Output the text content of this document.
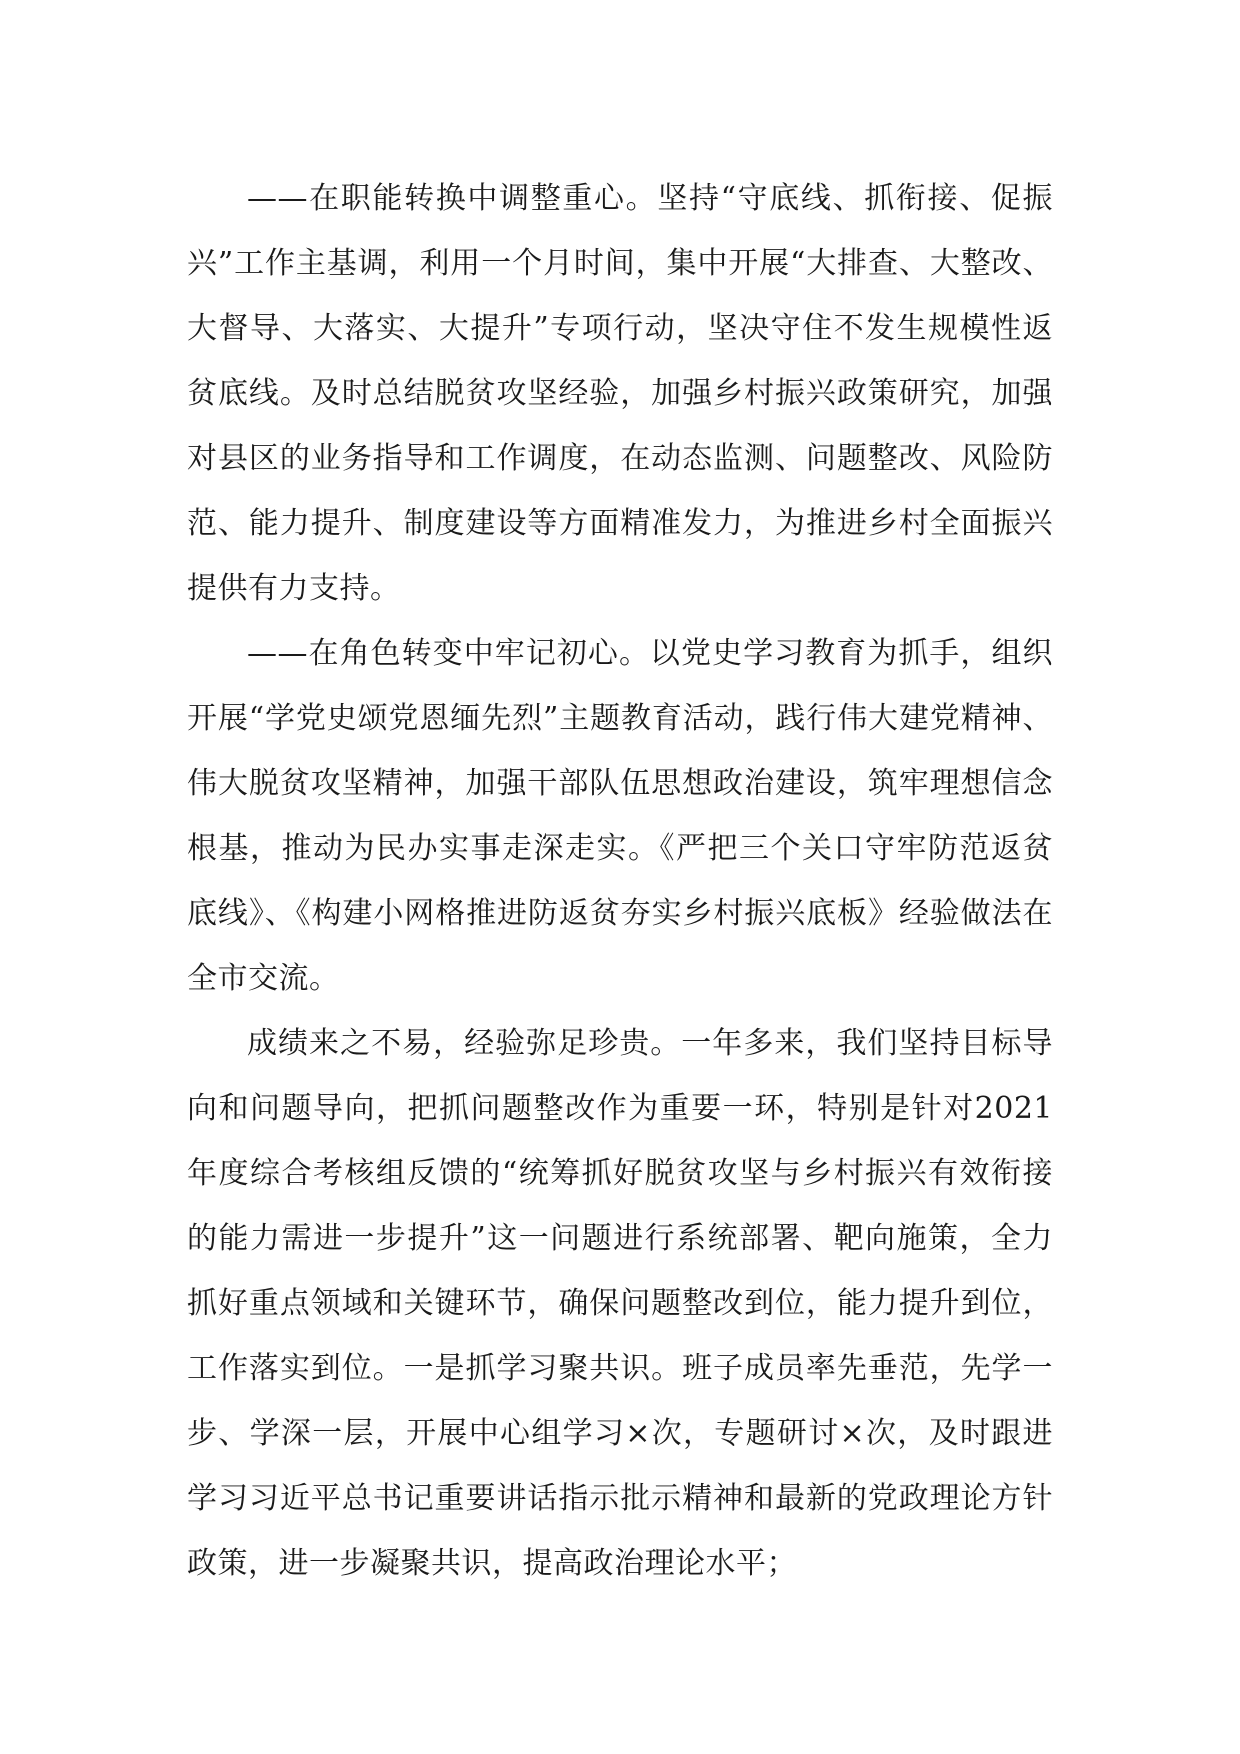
——在职能转换中调整重心。坚持“守底线、抓衔接、促振兴”工作主基调，利用一个月时间，集中开展“大排查、大整改、大督导、大落实、大提升”专项行动，坚决守住不发生规模性返贫底线。及时总结脱贫攻坚经验，加强乡村振兴政策研究，加强对县区的业务指导和工作调度，在动态监测、问题整改、风险防范、能力提升、制度建设等方面精准发力，为推进乡村全面振兴提供有力支持。

——在角色转变中牢记初心。以党史学习教育为抓手，组织开展“学党史颂党恩缅先烈”主题教育活动，践行伟大建党精神、伟大脱贫攻坚精神，加强干部队伍思想政治建设，筑牢理想信念根基，推动为民办实事走深走实。《严把三个关口守牢防范返贫底线》、《构建小网格推进防返贫夯实乡村振兴底板》经验做法在全市交流。

成绩来之不易，经验弥足珍贵。一年多来，我们坚持目标导向和问题导向，把抓问题整改作为重要一环，特别是针对2021年度综合考核组反馈的“统筹抓好脱贫攻坚与乡村振兴有效衔接的能力需进一步提升”这一问题进行系统部署、靶向施策，全力抓好重点领域和关键环节，确保问题整改到位，能力提升到位，工作落实到位。一是抓学习聚共识。班子成员率先垂范，先学一步、学深一层，开展中心组学习×次，专题研讨×次，及时跟进学习习近平总书记重要讲话指示批示精神和最新的党政理论方针政策，进一步凝聚共识，提高政治理论水平；
